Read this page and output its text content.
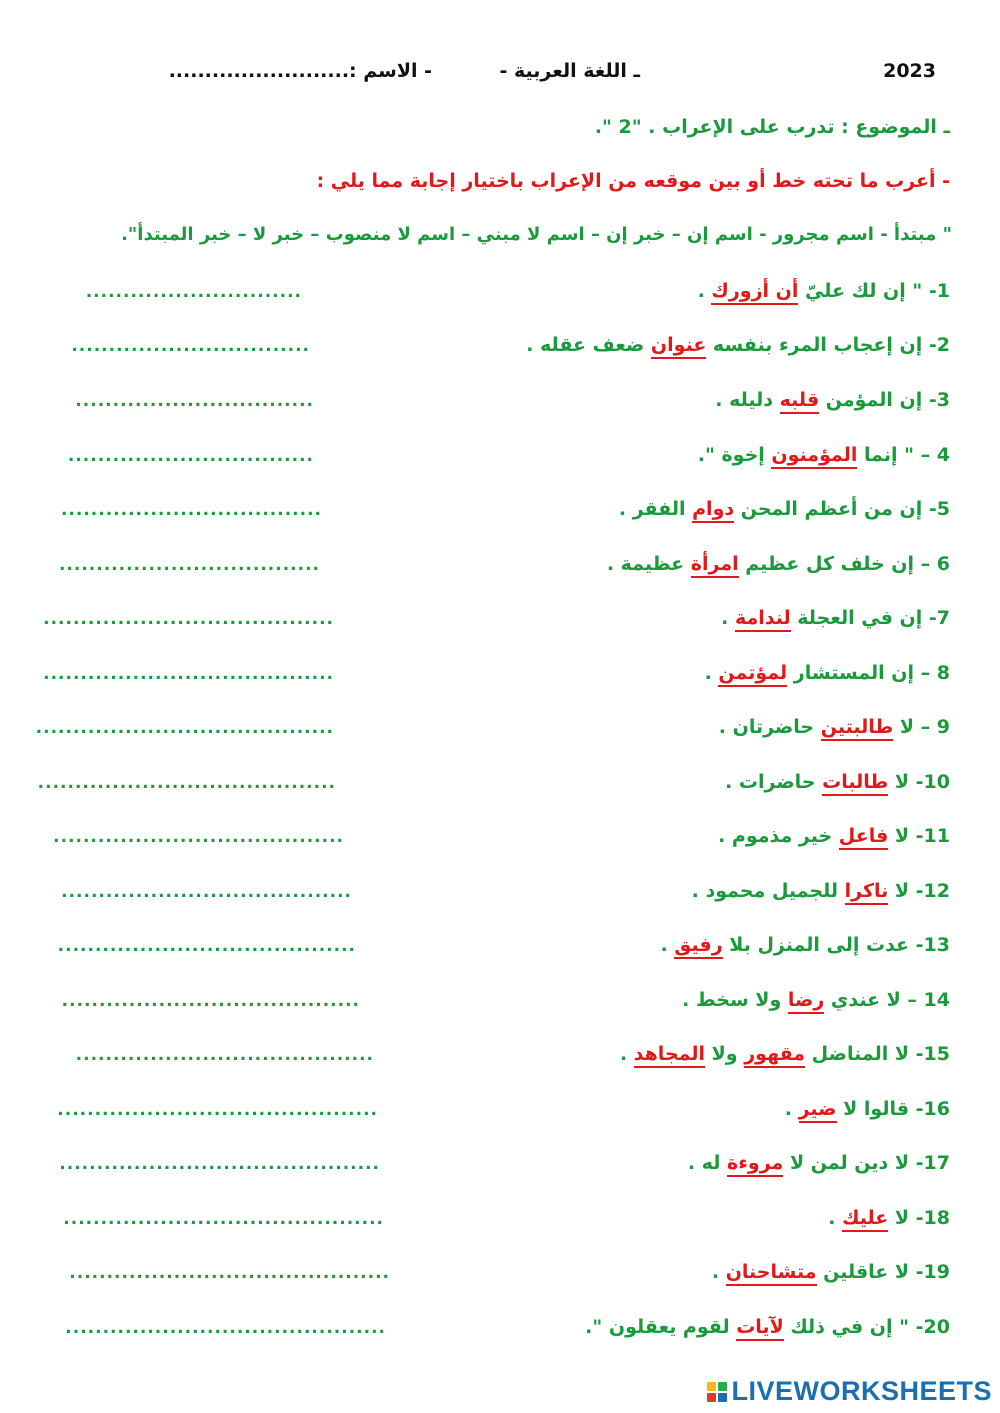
2023
ـ اللغة العربية -
- الاسم :.........................
ـ الموضوع : تدرب على الإعراب . "2 ".
- أعرب ما تحته خط أو بين موقعه من الإعراب باختيار إجابة مما يلي :
" مبتدأ - اسم مجرور - اسم إن – خبر إن – اسم لا مبني – اسم لا منصوب – خبر لا – خبر المبتدأ".
1- " إن لك عليّ أن أزورك .
.............................
2- إن إعجاب المرء بنفسه عنوان ضعف عقله .
................................
3- إن المؤمن قلبه دليله .
................................
4 – " إنما المؤمنون إخوة ".
.................................
5- إن من أعظم المحن دوام الفقر .
...................................
6 – إن خلف كل عظيم امرأة عظيمة .
...................................
7- إن في العجلة لندامة .
.......................................
8 – إن المستشار لمؤتمن .
.......................................
9 – لا طالبتين حاضرتان .
........................................
10- لا طالبات حاضرات .
........................................
11- لا فاعل خير مذموم .
.......................................
12- لا ناكرا للجميل محمود .
.......................................
13- عدت إلى المنزل بلا رفيق .
........................................
14 – لا عندي رضا ولا سخط .
........................................
15- لا المناضل مقهور ولا المجاهد .
........................................
16- قالوا لا ضير .
...........................................
17- لا دين لمن لا مروءة له .
...........................................
18- لا عليك .
...........................................
19- لا عاقلين متشاحنان .
...........................................
20- " إن في ذلك لآيات لقوم يعقلون ".
...........................................
LIVEWORKSHEETS
